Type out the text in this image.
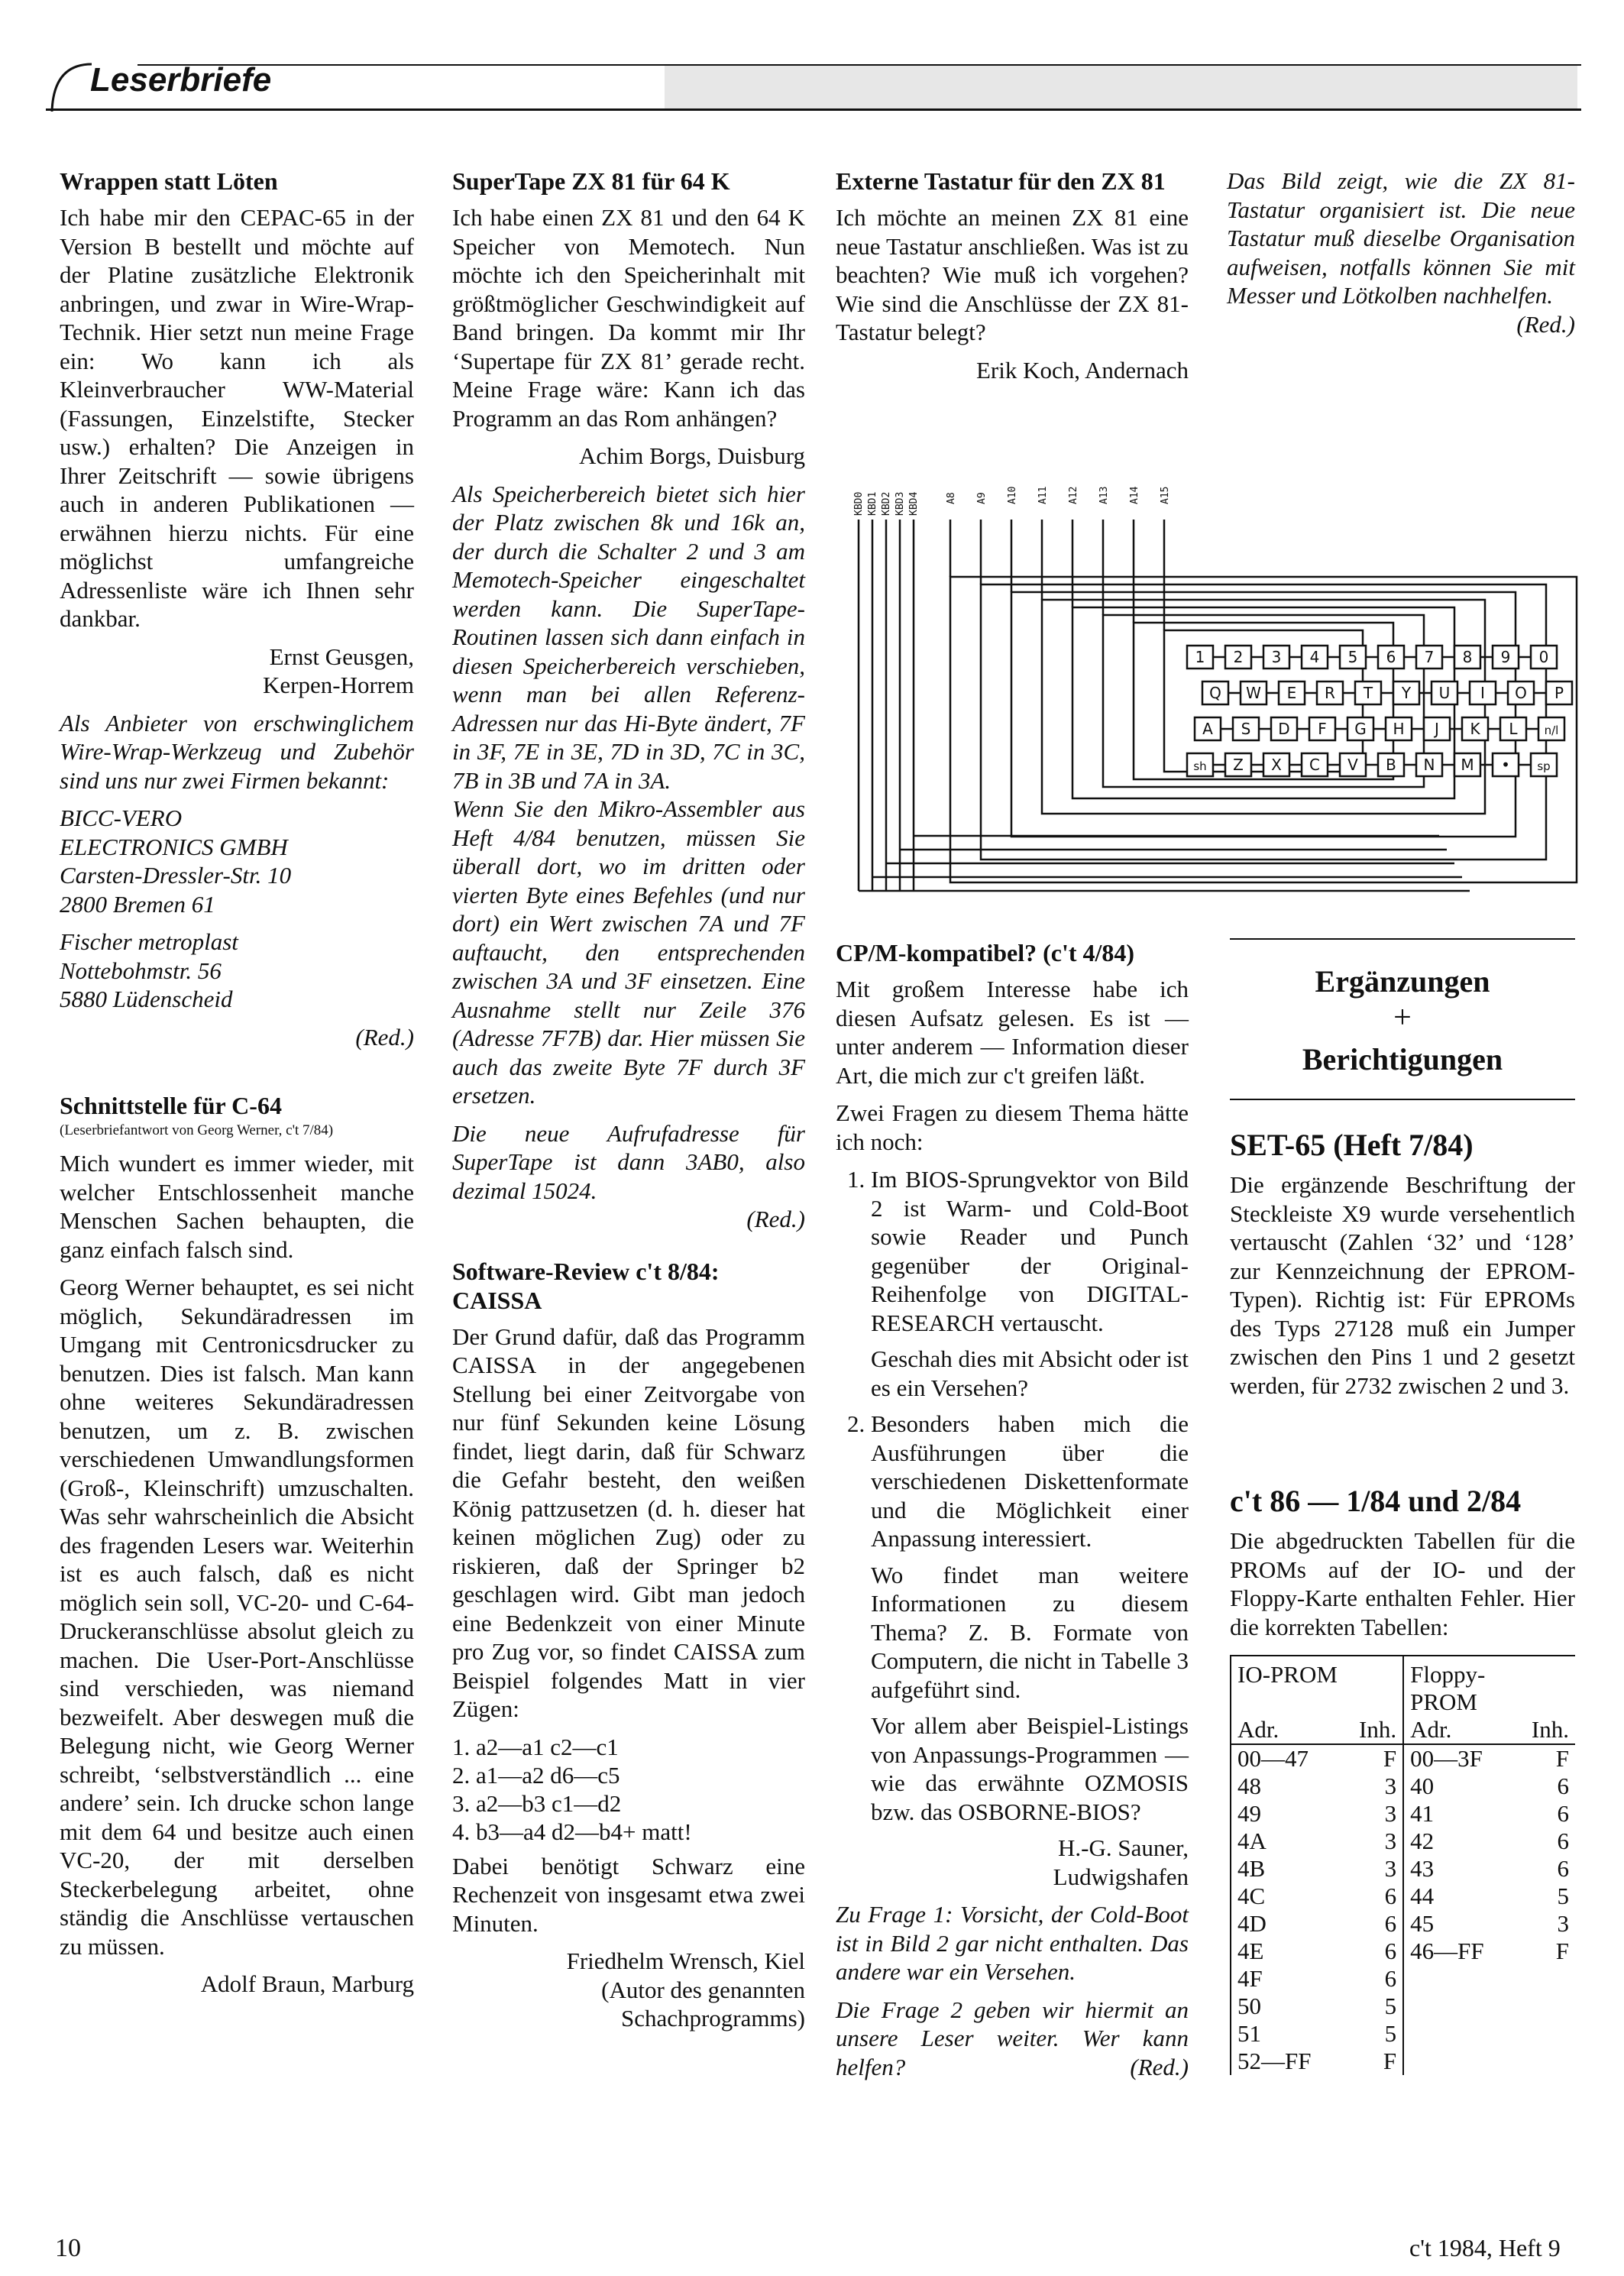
Leserbriefe
Wrappen statt Löten

Ich habe mir den CEPAC-65 in der Version B bestellt und möchte auf der Platine zusätzliche Elektronik anbringen, und zwar in Wire-Wrap-Technik. Hier setzt nun meine Frage ein: Wo kann ich als Kleinverbraucher WW-Material (Fassungen, Einzelstifte, Stecker usw.) erhalten? Die Anzeigen in Ihrer Zeitschrift — sowie übrigens auch in anderen Publikationen — erwähnen hierzu nichts. Für eine möglichst umfangreiche Adressenliste wäre ich Ihnen sehr dankbar.

Ernst Geusgen,

Kerpen-Horrem

Als Anbieter von erschwinglichem Wire-Wrap-Werkzeug und Zubehör sind uns nur zwei Firmen bekannt:

BICC-VERO
ELECTRONICS GMBH
Carsten-Dressler-Str. 10
2800 Bremen 61
Fischer metroplast
Nottebohmstr. 56
5880 Lüdenscheid

(Red.)

Schnittstelle für C-64

(Leserbriefantwort von Georg Werner, c't 7/84)

Mich wundert es immer wieder, mit welcher Entschlossenheit manche Menschen Sachen behaupten, die ganz einfach falsch sind.

Georg Werner behauptet, es sei nicht möglich, Sekundäradressen im Umgang mit Centronicsdrucker zu benutzen. Dies ist falsch. Man kann ohne weiteres Sekundäradressen benutzen, um z. B. zwischen verschiedenen Umwandlungsformen (Groß-, Kleinschrift) umzuschalten. Was sehr wahrscheinlich die Absicht des fragenden Lesers war. Weiterhin ist es auch falsch, daß es nicht möglich sein soll, VC-20- und C-64-Druckeranschlüsse absolut gleich zu machen. Die User-Port-Anschlüsse sind verschieden, was niemand bezweifelt. Aber deswegen muß die Belegung nicht, wie Georg Werner schreibt, ‘selbstverständlich ... eine andere’ sein. Ich drucke schon lange mit dem 64 und besitze auch einen VC-20, der mit derselben Steckerbelegung arbeitet, ohne ständig die Anschlüsse vertauschen zu müssen.

Adolf Braun, Marburg

SuperTape ZX 81 für 64 K

Ich habe einen ZX 81 und den 64 K Speicher von Memotech. Nun möchte ich den Speicherinhalt mit größtmöglicher Geschwindigkeit auf Band bringen. Da kommt mir Ihr ‘Supertape für ZX 81’ gerade recht. Meine Frage wäre: Kann ich das Programm an das Rom anhängen?

Achim Borgs, Duisburg

Als Speicherbereich bietet sich hier der Platz zwischen 8k und 16k an, der durch die Schalter 2 und 3 am Memotech-Speicher eingeschaltet werden kann. Die SuperTape-Routinen lassen sich dann einfach in diesen Speicherbereich verschieben, wenn man bei allen Referenz-Adressen nur das Hi-Byte ändert, 7F in 3F, 7E in 3E, 7D in 3D, 7C in 3C, 7B in 3B und 7A in 3A.

Wenn Sie den Mikro-Assembler aus Heft 4/84 benutzen, müssen Sie überall dort, wo im dritten oder vierten Byte eines Befehles (und nur dort) ein Wert zwischen 7A und 7F auftaucht, den entsprechenden zwischen 3A und 3F einsetzen. Eine Ausnahme stellt nur Zeile 376 (Adresse 7F7B) dar. Hier müssen Sie auch das zweite Byte 7F durch 3F ersetzen.

Die neue Aufrufadresse für SuperTape ist dann 3AB0, also dezimal 15024.

(Red.)

Software-Review c't 8/84: CAISSA

Der Grund dafür, daß das Programm CAISSA in der angegebenen Stellung bei einer Zeitvorgabe von nur fünf Sekunden keine Lösung findet, liegt darin, daß für Schwarz die Gefahr besteht, den weißen König pattzusetzen (d. h. dieser hat keinen möglichen Zug) oder zu riskieren, daß der Springer b2 geschlagen wird. Gibt man jedoch eine Bedenkzeit von einer Minute pro Zug vor, so findet CAISSA zum Beispiel folgendes Matt in vier Zügen:

1. a2—a1 c2—c1
2. a1—a2 d6—c5
3. a2—b3 c1—d2
4. b3—a4 d2—b4+ matt!

Dabei benötigt Schwarz eine Rechenzeit von insgesamt etwa zwei Minuten.

Friedhelm Wrensch, Kiel

(Autor des genannten

Schachprogramms)

Externe Tastatur für den ZX 81

Ich möchte an meinen ZX 81 eine neue Tastatur anschließen. Was ist zu beachten? Wie muß ich vorgehen? Wie sind die Anschlüsse der ZX 81-Tastatur belegt?

Erik Koch, Andernach

Das Bild zeigt, wie die ZX 81-Tastatur organisiert ist. Die neue Tastatur muß dieselbe Organisation aufweisen, notfalls können Sie mit Messer und Lötkolben nachhelfen.

(Red.)

KBD0 KBD1 KBD2 KBD3 KBD4	A8 A9 A10 A11 A12 A13 A14 A15
1 2 3 4 5 6 7 8 9 0
Q W E R T Y U I O P
A S D F G H J K L n/l
sh Z X C V B N M • sp
CP/M-kompatibel? (c't 4/84)

Mit großem Interesse habe ich diesen Aufsatz gelesen. Es ist — unter anderem — Information dieser Art, die mich zur c't greifen läßt.

Zwei Fragen zu diesem Thema hätte ich noch:

1. Im BIOS-Sprungvektor von Bild 2 ist Warm- und Cold-Boot sowie Reader und Punch gegenüber der Original-Reihenfolge von DIGITAL-RESEARCH vertauscht.
Geschah dies mit Absicht oder ist es ein Versehen?
2. Besonders haben mich die Ausführungen über die verschiedenen Diskettenformate und die Möglichkeit einer Anpassung interessiert.
Wo findet man weitere Informationen zu diesem Thema? Z. B. Formate von Computern, die nicht in Tabelle 3 aufgeführt sind.
Vor allem aber Beispiel-Listings von Anpassungs-Programmen — wie das erwähnte OZMOSIS bzw. das OSBORNE-BIOS?

H.-G. Sauner,

Ludwigshafen

Zu Frage 1: Vorsicht, der Cold-Boot ist in Bild 2 gar nicht enthalten. Das andere war ein Versehen.

Die Frage 2 geben wir hiermit an unsere Leser weiter. Wer kann helfen?	(Red.)

Ergänzungen
+
Berichtigungen
SET-65 (Heft 7/84)

Die ergänzende Beschriftung der Steckleiste X9 wurde versehentlich vertauscht (Zahlen ‘32’ und ‘128’ zur Kennzeichnung der EPROM-Typen). Richtig ist: Für EPROMs des Typs 27128 muß ein Jumper zwischen den Pins 1 und 2 gesetzt werden, für 2732 zwischen 2 und 3.

c't 86 — 1/84 und 2/84

Die abgedruckten Tabellen für die PROMs auf der IO- und der Floppy-Karte enthalten Fehler. Hier die korrekten Tabellen:

IO-PROM		Floppy-	
		PROM	
Adr.	Inh.	Adr.	Inh.
00—47	F	00—3F	F
48	3	40	6
49	3	41	6
4A	3	42	6
4B	3	43	6
4C	6	44	5
4D	6	45	3
4E	6	46—FF	F
4F	6		
50	5		
51	5		
52—FF	F		
10	c't 1984, Heft 9
